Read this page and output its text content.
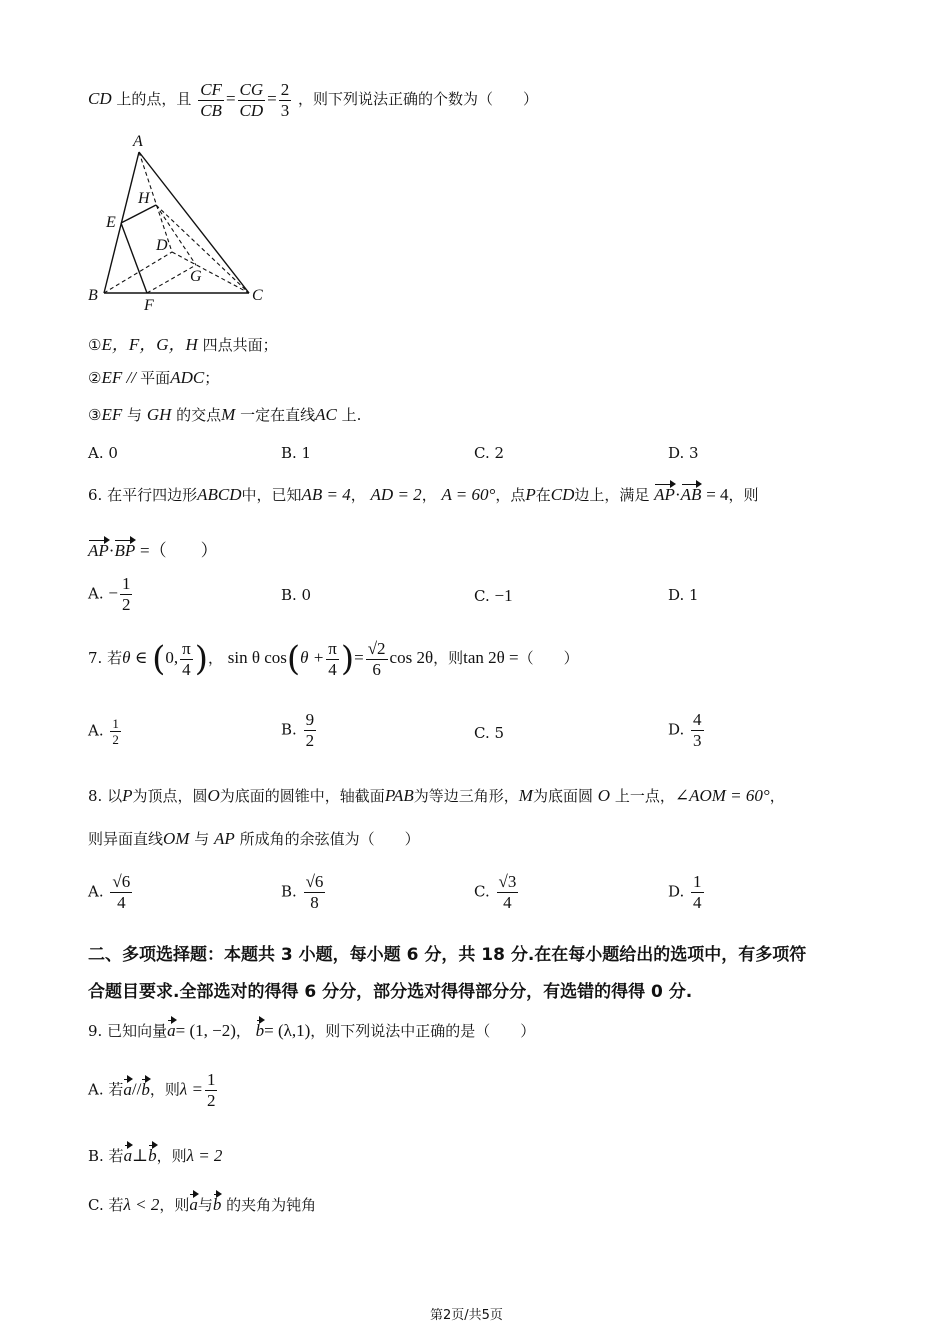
CD 上的点，且 $\frac{CF}{CB} = \frac{CG}{CD} = \frac{2}{3}$ ，则下列说法正确的个数为（　　）
A
B	C
D
E
F
G
H
①E，F，G，H 四点共面；
②EF // 平面ADC；
③EF 与 GH 的交点M 一定在直线AC 上.
A. 0	B. 1	C. 2	D. 3
6. 在平行四边形ABCD中，已知AB = 4， AD = 2， A = 60°，点P在CD边上，满足 AP·AB = 4，则
AP·BP =（　　）
A. − $\frac{1}{2}$	B. 0	C. −1	D. 1
7. 若θ ∈ (0, $\frac{\pi}{4}$ )， sin θ $\cos(\theta + \frac{\pi}{4}$ )= $\frac{√2}{6}$ cos 2θ，则tan 2θ =（　　）
A. $\frac{1}{2}$	B. $\frac{9}{2}$	C. 5	D. $\frac{4}{3}$
8. 以P为顶点，圆O为底面的圆锥中，轴截面PAB为等边三角形，M为底面圆 O 上一点，∠AOM = 60°，
则异面直线OM 与 AP 所成角的余弦值为（　　）
A. $\frac{√6}{4}$	B. $\frac{√6}{8}$	C. $\frac{√3}{4}$	D. $\frac{1}{4}$
二、多项选择题：本题共 3 小题，每小题 6 分，共 18 分.在在每小题给出的选项中，有多项符
合题目要求.全部选对的得得 6 分分，部分选对得得部分分，有选错的得得 0 分.
9. 已知向量a= (1, −2)， b= (λ,1)，则下列说法中正确的是（　　）
A. 若a//b，则$\lambda = \frac{1}{2}$
B. 若a⊥b，则λ = 2
C. 若λ < 2，则a与b 的夹角为钝角
第2页/共5页
